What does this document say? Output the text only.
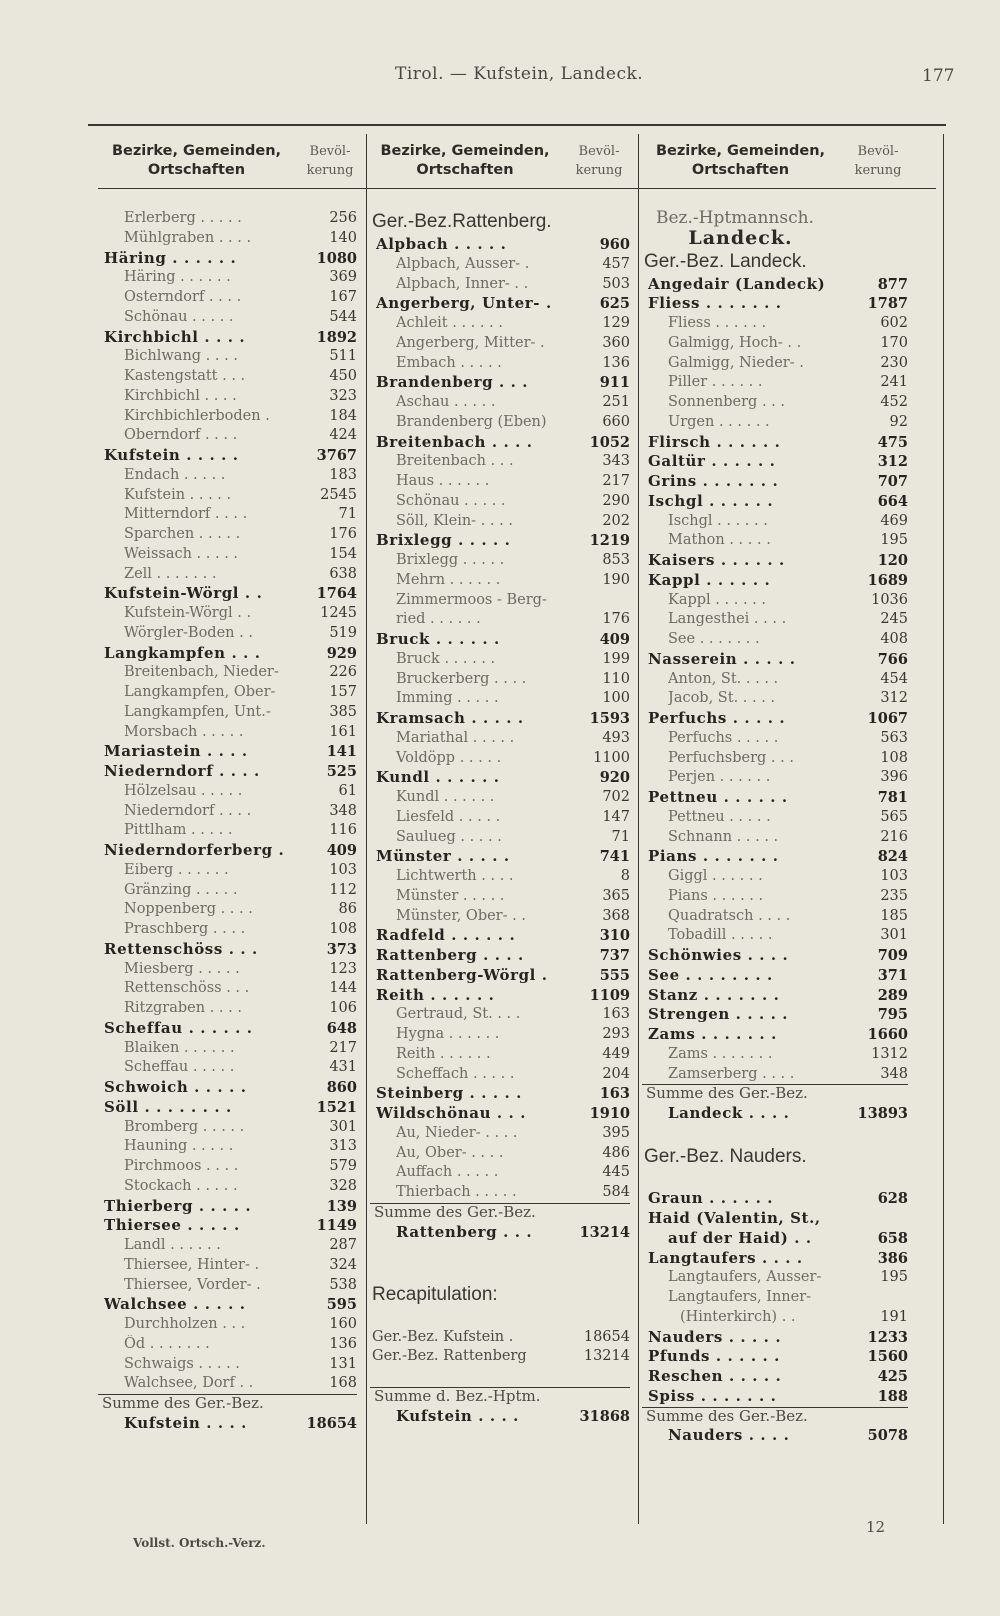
Tirol. — Kufstein, Landeck.	177
Bezirke, Gemeinden, Ortschaften
Bevöl-kerung
Erlerberg . . . . .	256
Mühlgraben . . . .	140
Häring . . . . . .	1080
Häring . . . . . .	369
Osterndorf . . . .	167
Schönau . . . . .	544
Kirchbichl . . . .	1892
Bichlwang . . . .	511
Kastengstatt . . .	450
Kirchbichl . . . .	323
Kirchbichlerboden .	184
Oberndorf . . . .	424
Kufstein . . . . .	3767
Endach . . . . .	183
Kufstein . . . . .	2545
Mitterndorf . . . .	71
Sparchen . . . . .	176
Weissach . . . . .	154
Zell . . . . . . .	638
Kufstein-Wörgl . .	1764
Kufstein-Wörgl . .	1245
Wörgler-Boden . .	519
Langkampfen . . .	929
Breitenbach, Nieder-	226
Langkampfen, Ober-	157
Langkampfen, Unt.-	385
Morsbach . . . . .	161
Mariastein . . . .	141
Niederndorf . . . .	525
Hölzelsau . . . . .	61
Niederndorf . . . .	348
Pittlham . . . . .	116
Niederndorferberg .	409
Eiberg . . . . . .	103
Gränzing . . . . .	112
Noppenberg . . . .	86
Praschberg . . . .	108
Rettenschöss . . .	373
Miesberg . . . . .	123
Rettenschöss . . .	144
Ritzgraben . . . .	106
Scheffau . . . . . .	648
Blaiken . . . . . .	217
Scheffau . . . . .	431
Schwoich . . . . .	860
Söll . . . . . . . .	1521
Bromberg . . . . .	301
Hauning . . . . .	313
Pirchmoos . . . .	579
Stockach . . . . .	328
Thierberg . . . . .	139
Thiersee . . . . .	1149
Landl . . . . . .	287
Thiersee, Hinter- .	324
Thiersee, Vorder- .	538
Walchsee . . . . .	595
Durchholzen . . .	160
Öd . . . . . . .	136
Schwaigs . . . . .	131
Walchsee, Dorf . .	168
Summe des Ger.-Bez.
Kufstein . . . .	18654
Bezirke, Gemeinden, Ortschaften
Bevöl-kerung
Ger.-Bez.Rattenberg.
Alpbach . . . . .	960
Alpbach, Ausser- .	457
Alpbach, Inner- . .	503
Angerberg, Unter- .	625
Achleit . . . . . .	129
Angerberg, Mitter- .	360
Embach . . . . .	136
Brandenberg . . .	911
Aschau . . . . .	251
Brandenberg (Eben)	660
Breitenbach . . . .	1052
Breitenbach . . .	343
Haus . . . . . .	217
Schönau . . . . .	290
Söll, Klein- . . . .	202
Brixlegg . . . . .	1219
Brixlegg . . . . .	853
Mehrn . . . . . .	190
Zimmermoos - Berg-
ried . . . . . .	176
Bruck . . . . . .	409
Bruck . . . . . .	199
Bruckerberg . . . .	110
Imming . . . . .	100
Kramsach . . . . .	1593
Mariathal . . . . .	493
Voldöpp . . . . .	1100
Kundl . . . . . .	920
Kundl . . . . . .	702
Liesfeld . . . . .	147
Saulueg . . . . .	71
Münster . . . . .	741
Lichtwerth . . . .	8
Münster . . . . .	365
Münster, Ober- . .	368
Radfeld . . . . . .	310
Rattenberg . . . .	737
Rattenberg-Wörgl .	555
Reith . . . . . .	1109
Gertraud, St. . . .	163
Hygna . . . . . .	293
Reith . . . . . .	449
Scheffach . . . . .	204
Steinberg . . . . .	163
Wildschönau . . .	1910
Au, Nieder- . . . .	395
Au, Ober- . . . .	486
Auffach . . . . .	445
Thierbach . . . . .	584
Summe des Ger.-Bez.
Rattenberg . . .	13214
Recapitulation:
Ger.-Bez. Kufstein .	18654
Ger.-Bez. Rattenberg	13214
Summe d. Bez.-Hptm.
Kufstein . . . .	31868
Bezirke, Gemeinden, Ortschaften
Bevöl-kerung
Bez.-Hptmannsch.
Landeck.
Ger.-Bez. Landeck.
Angedair (Landeck)	877
Fliess . . . . . . .	1787
Fliess . . . . . .	602
Galmigg, Hoch- . .	170
Galmigg, Nieder- .	230
Piller . . . . . .	241
Sonnenberg . . .	452
Urgen . . . . . .	92
Flirsch . . . . . .	475
Galtür . . . . . .	312
Grins . . . . . . .	707
Ischgl . . . . . .	664
Ischgl . . . . . .	469
Mathon . . . . .	195
Kaisers . . . . . .	120
Kappl . . . . . .	1689
Kappl . . . . . .	1036
Langesthei . . . .	245
See . . . . . . .	408
Nasserein . . . . .	766
Anton, St. . . . .	454
Jacob, St. . . . .	312
Perfuchs . . . . .	1067
Perfuchs . . . . .	563
Perfuchsberg . . .	108
Perjen . . . . . .	396
Pettneu . . . . . .	781
Pettneu . . . . .	565
Schnann . . . . .	216
Pians . . . . . . .	824
Giggl . . . . . .	103
Pians . . . . . .	235
Quadratsch . . . .	185
Tobadill . . . . .	301
Schönwies . . . .	709
See . . . . . . . .	371
Stanz . . . . . . .	289
Strengen . . . . .	795
Zams . . . . . . .	1660
Zams . . . . . . .	1312
Zamserberg . . . .	348
Summe des Ger.-Bez.
Landeck . . . .	13893
Ger.-Bez. Nauders.
Graun . . . . . .	628
Haid (Valentin, St.,
auf der Haid) . .	658
Langtaufers . . . .	386
Langtaufers, Ausser-	195
Langtaufers, Inner-
(Hinterkirch) . .	191
Nauders . . . . .	1233
Pfunds . . . . . .	1560
Reschen . . . . .	425
Spiss . . . . . . .	188
Summe des Ger.-Bez.
Nauders . . . .	5078
Vollst. Ortsch.-Verz.
12
